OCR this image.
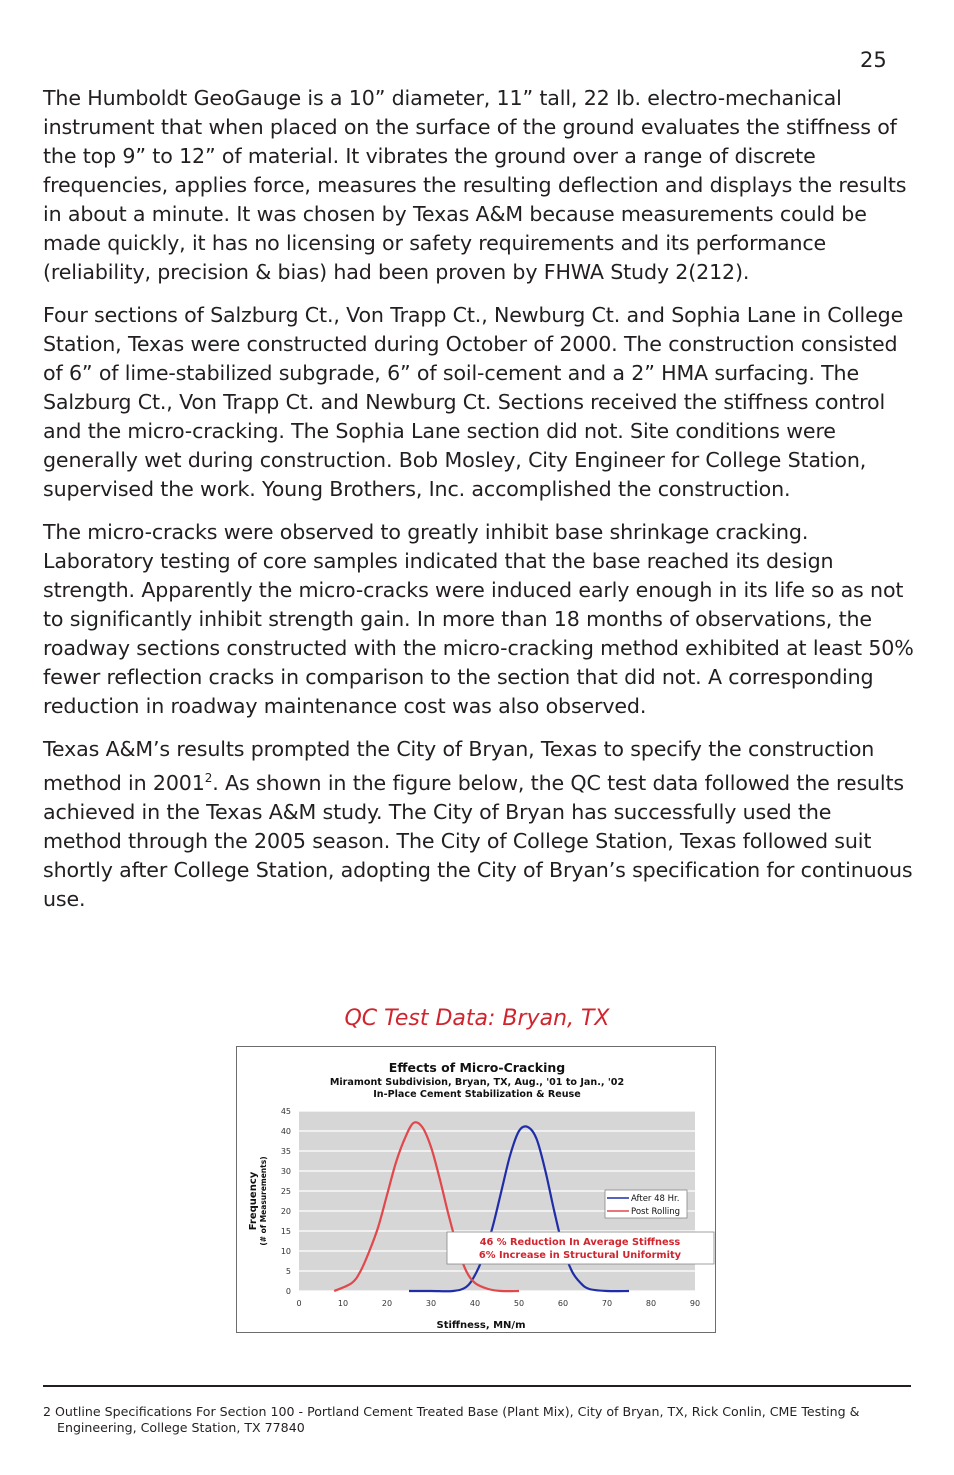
25

The Humboldt GeoGauge is a 10” diameter, 11” tall, 22 lb. electro-mechanical instrument that when placed on the surface of the ground evaluates the stiffness of the top 9” to 12” of material. It vibrates the ground over a range of discrete frequencies, applies force, measures the resulting deflection and displays the results in about a minute. It was chosen by Texas A&M because measurements could be made quickly, it has no licensing or safety requirements and its performance (reliability, precision & bias) had been proven by FHWA Study 2(212).

Four sections of Salzburg Ct., Von Trapp Ct., Newburg Ct. and Sophia Lane in College Station, Texas were constructed during October of 2000. The construction consisted of 6” of lime-stabilized subgrade, 6” of soil-cement and a 2” HMA surfacing. The Salzburg Ct., Von Trapp Ct. and Newburg Ct. Sections received the stiffness control and the micro-cracking. The Sophia Lane section did not. Site conditions were generally wet during construction. Bob Mosley, City Engineer for College Station, supervised the work. Young Brothers, Inc. accomplished the construction.

The micro-cracks were observed to greatly inhibit base shrinkage cracking. Laboratory testing of core samples indicated that the base reached its design strength. Apparently the micro-cracks were induced early enough in its life so as not to significantly inhibit strength gain. In more than 18 months of observations, the roadway sections constructed with the micro-cracking method exhibited at least 50% fewer reflection cracks in comparison to the section that did not. A corresponding reduction in roadway maintenance cost was also observed.

Texas A&M’s results prompted the City of Bryan, Texas to specify the construction method in 2001$^2$. As shown in the figure below, the QC test data followed the results achieved in the Texas A&M study. The City of Bryan has successfully used the method through the 2005 season. The City of College Station, Texas followed suit shortly after College Station, adopting the City of Bryan’s specification for continuous use.

QC Test Data: Bryan, TX
Effects of Micro-Cracking
Miramont Subdivision, Bryan, TX, Aug., '01 to Jan., '02
In-Place Cement Stabilization & Reuse
0
5
10
15
20
25
30
35
40
45
0	10	20	30	40	50	60	70	80	90
Stiffness, MN/m
Frequency (# of Measurements)	After 48 Hr.
Post Rolling
46 % Reduction In Average Stiffness
6% Increase in Structural Uniformity
2 Outline Specifications For Section 100 - Portland Cement Treated Base (Plant Mix), City of Bryan, TX, Rick Conlin, CME Testing &
Engineering, College Station, TX 77840
